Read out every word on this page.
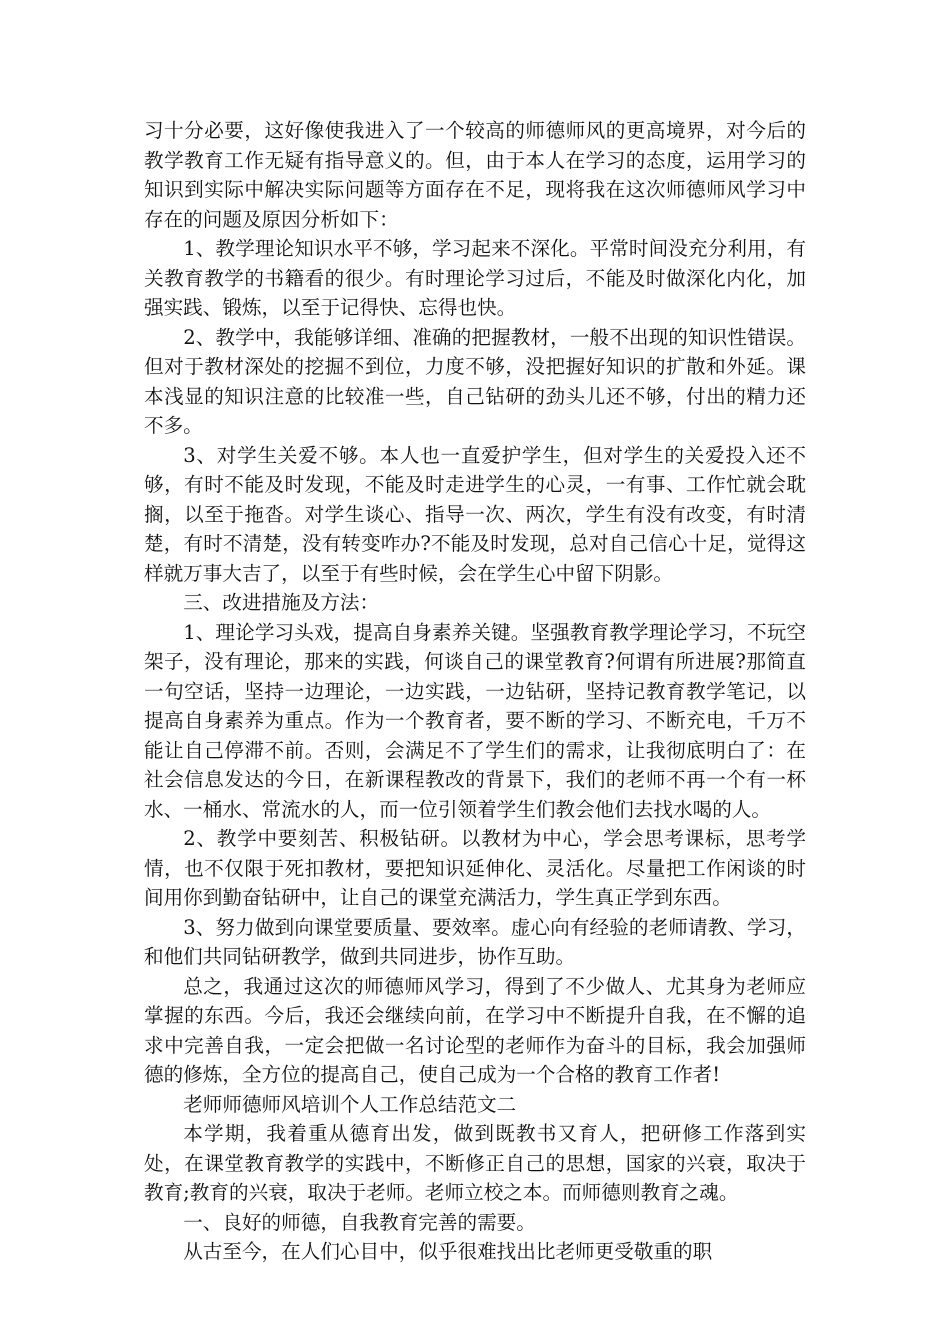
习十分必要，这好像使我进入了一个较高的师德师风的更高境界，对今后的教学教育工作无疑有指导意义的。但，由于本人在学习的态度，运用学习的知识到实际中解决实际问题等方面存在不足，现将我在这次师德师风学习中存在的问题及原因分析如下：

1、教学理论知识水平不够，学习起来不深化。平常时间没充分利用，有关教育教学的书籍看的很少。有时理论学习过后，不能及时做深化内化，加强实践、锻炼，以至于记得快、忘得也快。

2、教学中，我能够详细、准确的把握教材，一般不出现的知识性错误。但对于教材深处的挖掘不到位，力度不够，没把握好知识的扩散和外延。课本浅显的知识注意的比较准一些，自己钻研的劲头儿还不够，付出的精力还不多。

3、对学生关爱不够。本人也一直爱护学生，但对学生的关爱投入还不够，有时不能及时发现，不能及时走进学生的心灵，一有事、工作忙就会耽搁，以至于拖沓。对学生谈心、指导一次、两次，学生有没有改变，有时清楚，有时不清楚，没有转变咋办?不能及时发现，总对自己信心十足，觉得这样就万事大吉了，以至于有些时候，会在学生心中留下阴影。

三、改进措施及方法：

1、理论学习头戏，提高自身素养关键。坚强教育教学理论学习，不玩空架子，没有理论，那来的实践，何谈自己的课堂教育?何谓有所进展?那简直一句空话，坚持一边理论，一边实践，一边钻研，坚持记教育教学笔记，以提高自身素养为重点。作为一个教育者，要不断的学习、不断充电，千万不能让自己停滞不前。否则，会满足不了学生们的需求，让我彻底明白了：在社会信息发达的今日，在新课程教改的背景下，我们的老师不再一个有一杯水、一桶水、常流水的人，而一位引领着学生们教会他们去找水喝的人。

2、教学中要刻苦、积极钻研。以教材为中心，学会思考课标，思考学情，也不仅限于死扣教材，要把知识延伸化、灵活化。尽量把工作闲谈的时间用你到勤奋钻研中，让自己的课堂充满活力，学生真正学到东西。

3、努力做到向课堂要质量、要效率。虚心向有经验的老师请教、学习，和他们共同钻研教学，做到共同进步，协作互助。

总之，我通过这次的师德师风学习，得到了不少做人、尤其身为老师应掌握的东西。今后，我还会继续向前，在学习中不断提升自我，在不懈的追求中完善自我，一定会把做一名讨论型的老师作为奋斗的目标，我会加强师德的修炼，全方位的提高自己，使自己成为一个合格的教育工作者!

老师师德师风培训个人工作总结范文二

本学期，我着重从德育出发，做到既教书又育人，把研修工作落到实处，在课堂教育教学的实践中，不断修正自己的思想，国家的兴衰，取决于教育;教育的兴衰，取决于老师。老师立校之本。而师德则教育之魂。

一、良好的师德，自我教育完善的需要。

从古至今，在人们心目中，似乎很难找出比老师更受敬重的职
